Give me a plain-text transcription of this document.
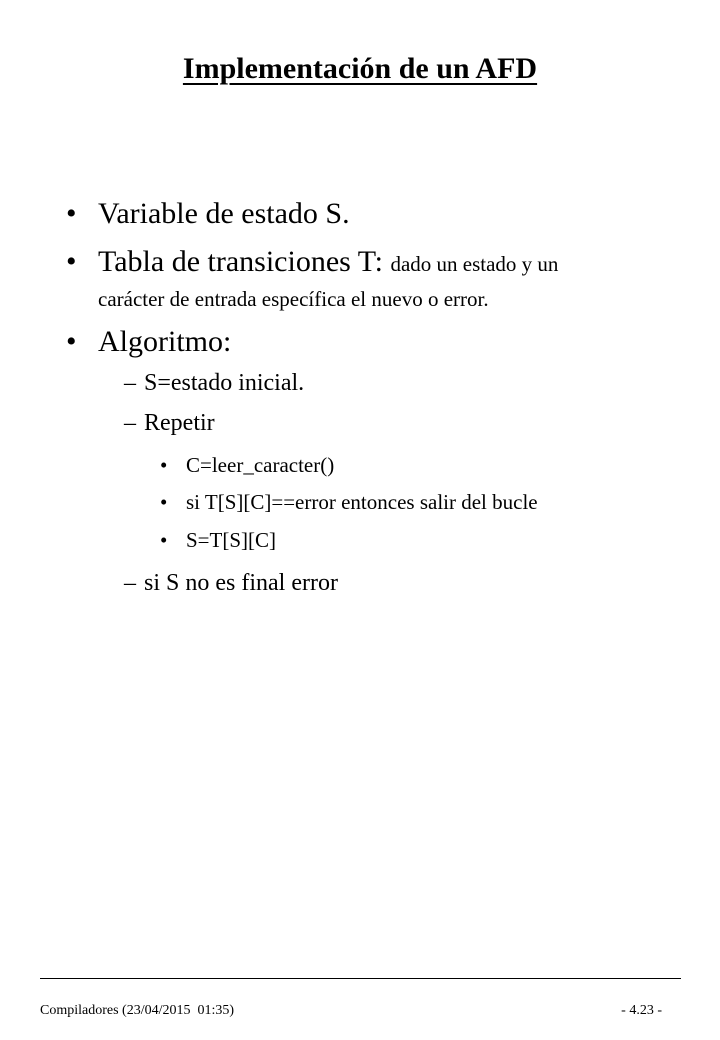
Implementación de un AFD
• Variable de estado S.
• Tabla de transiciones T: dado un estado y un
carácter de entrada específica el nuevo o error.
• Algoritmo:
– S=estado inicial.
– Repetir
• C=leer_caracter()
• si T[S][C]==error entonces salir del bucle
• S=T[S][C]
– si S no es final error
Compiladores (23/04/2015  01:35)	- 4.23 -
